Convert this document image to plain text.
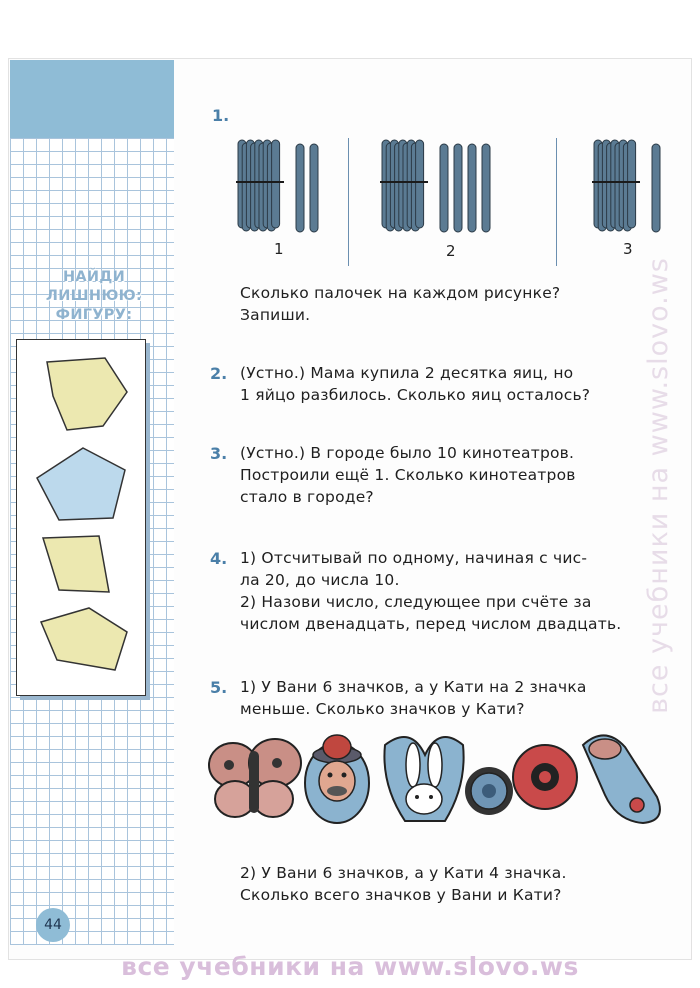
НАЙДИ
ЛИШНЮЮ:
ФИГУРУ:
1.
1	2	3
Сколько палочек на каждом рисунке?
Запиши.
2. (Устно.) Мама купила 2 десятка яиц, но
1 яйцо разбилось. Сколько яиц осталось?
3. (Устно.) В городе было 10 кинотеатров.
Построили ещё 1. Сколько кинотеатров
стало в городе?
4. 1) Отсчитывай по одному, начиная с чис-
ла 20, до числа 10.
2) Назови число, следующее при счёте за
числом двенадцать, перед числом двадцать.
5. 1) У Вани 6 значков, а у Кати на 2 значка
меньше. Сколько значков у Кати?
2) У Вани 6 значков, а у Кати 4 значка.
Сколько всего значков у Вани и Кати?
44
все учебники на www.slovo.ws
все учебники на www.slovo.ws
